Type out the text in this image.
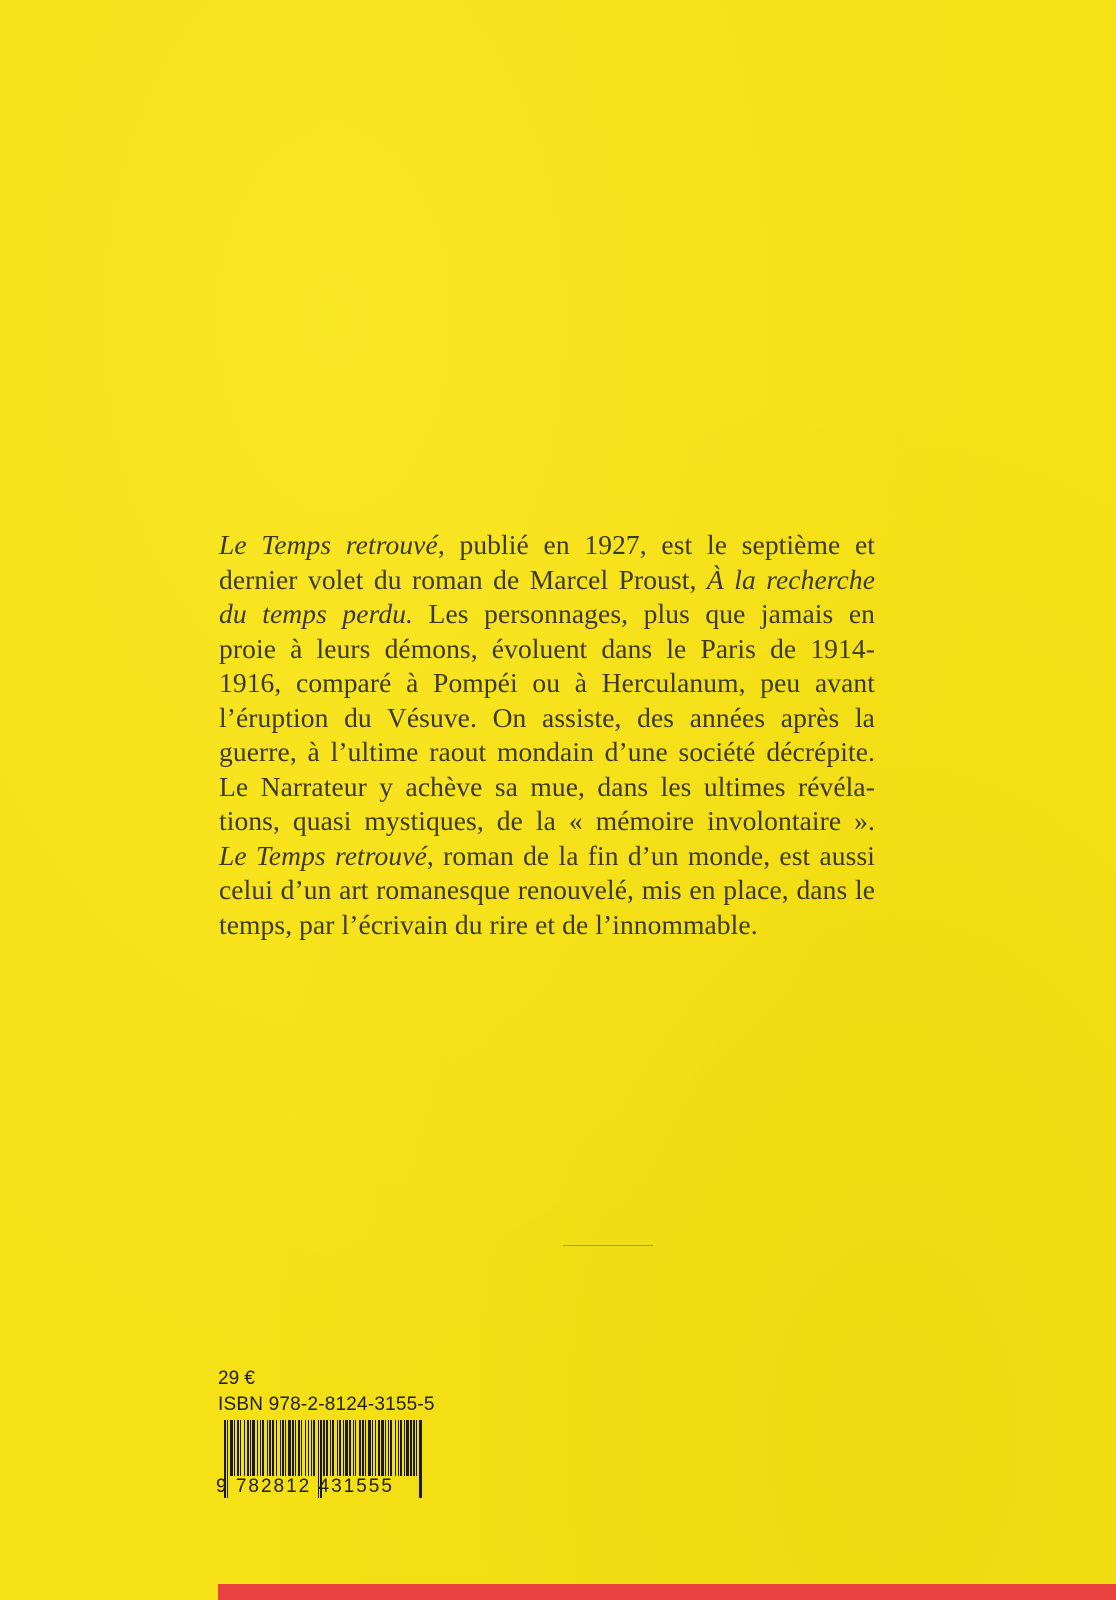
Le Temps retrouvé, publié en 1927, est le septième et
dernier volet du roman de Marcel Proust, À la recherche
du temps perdu. Les personnages, plus que jamais en
proie à leurs démons, évoluent dans le Paris de 1914-
1916, comparé à Pompéi ou à Herculanum, peu avant
l’éruption du Vésuve. On assiste, des années après la
guerre, à l’ultime raout mondain d’une société décrépite.
Le Narrateur y achève sa mue, dans les ultimes révéla-
tions, quasi mystiques, de la « mémoire involontaire ».
Le Temps retrouvé, roman de la fin d’un monde, est aussi
celui d’un art romanesque renouvelé, mis en place, dans le
temps, par l’écrivain du rire et de l’innommable.

29 €
ISBN 978-2-8124-3155-5
9 782812 431555
